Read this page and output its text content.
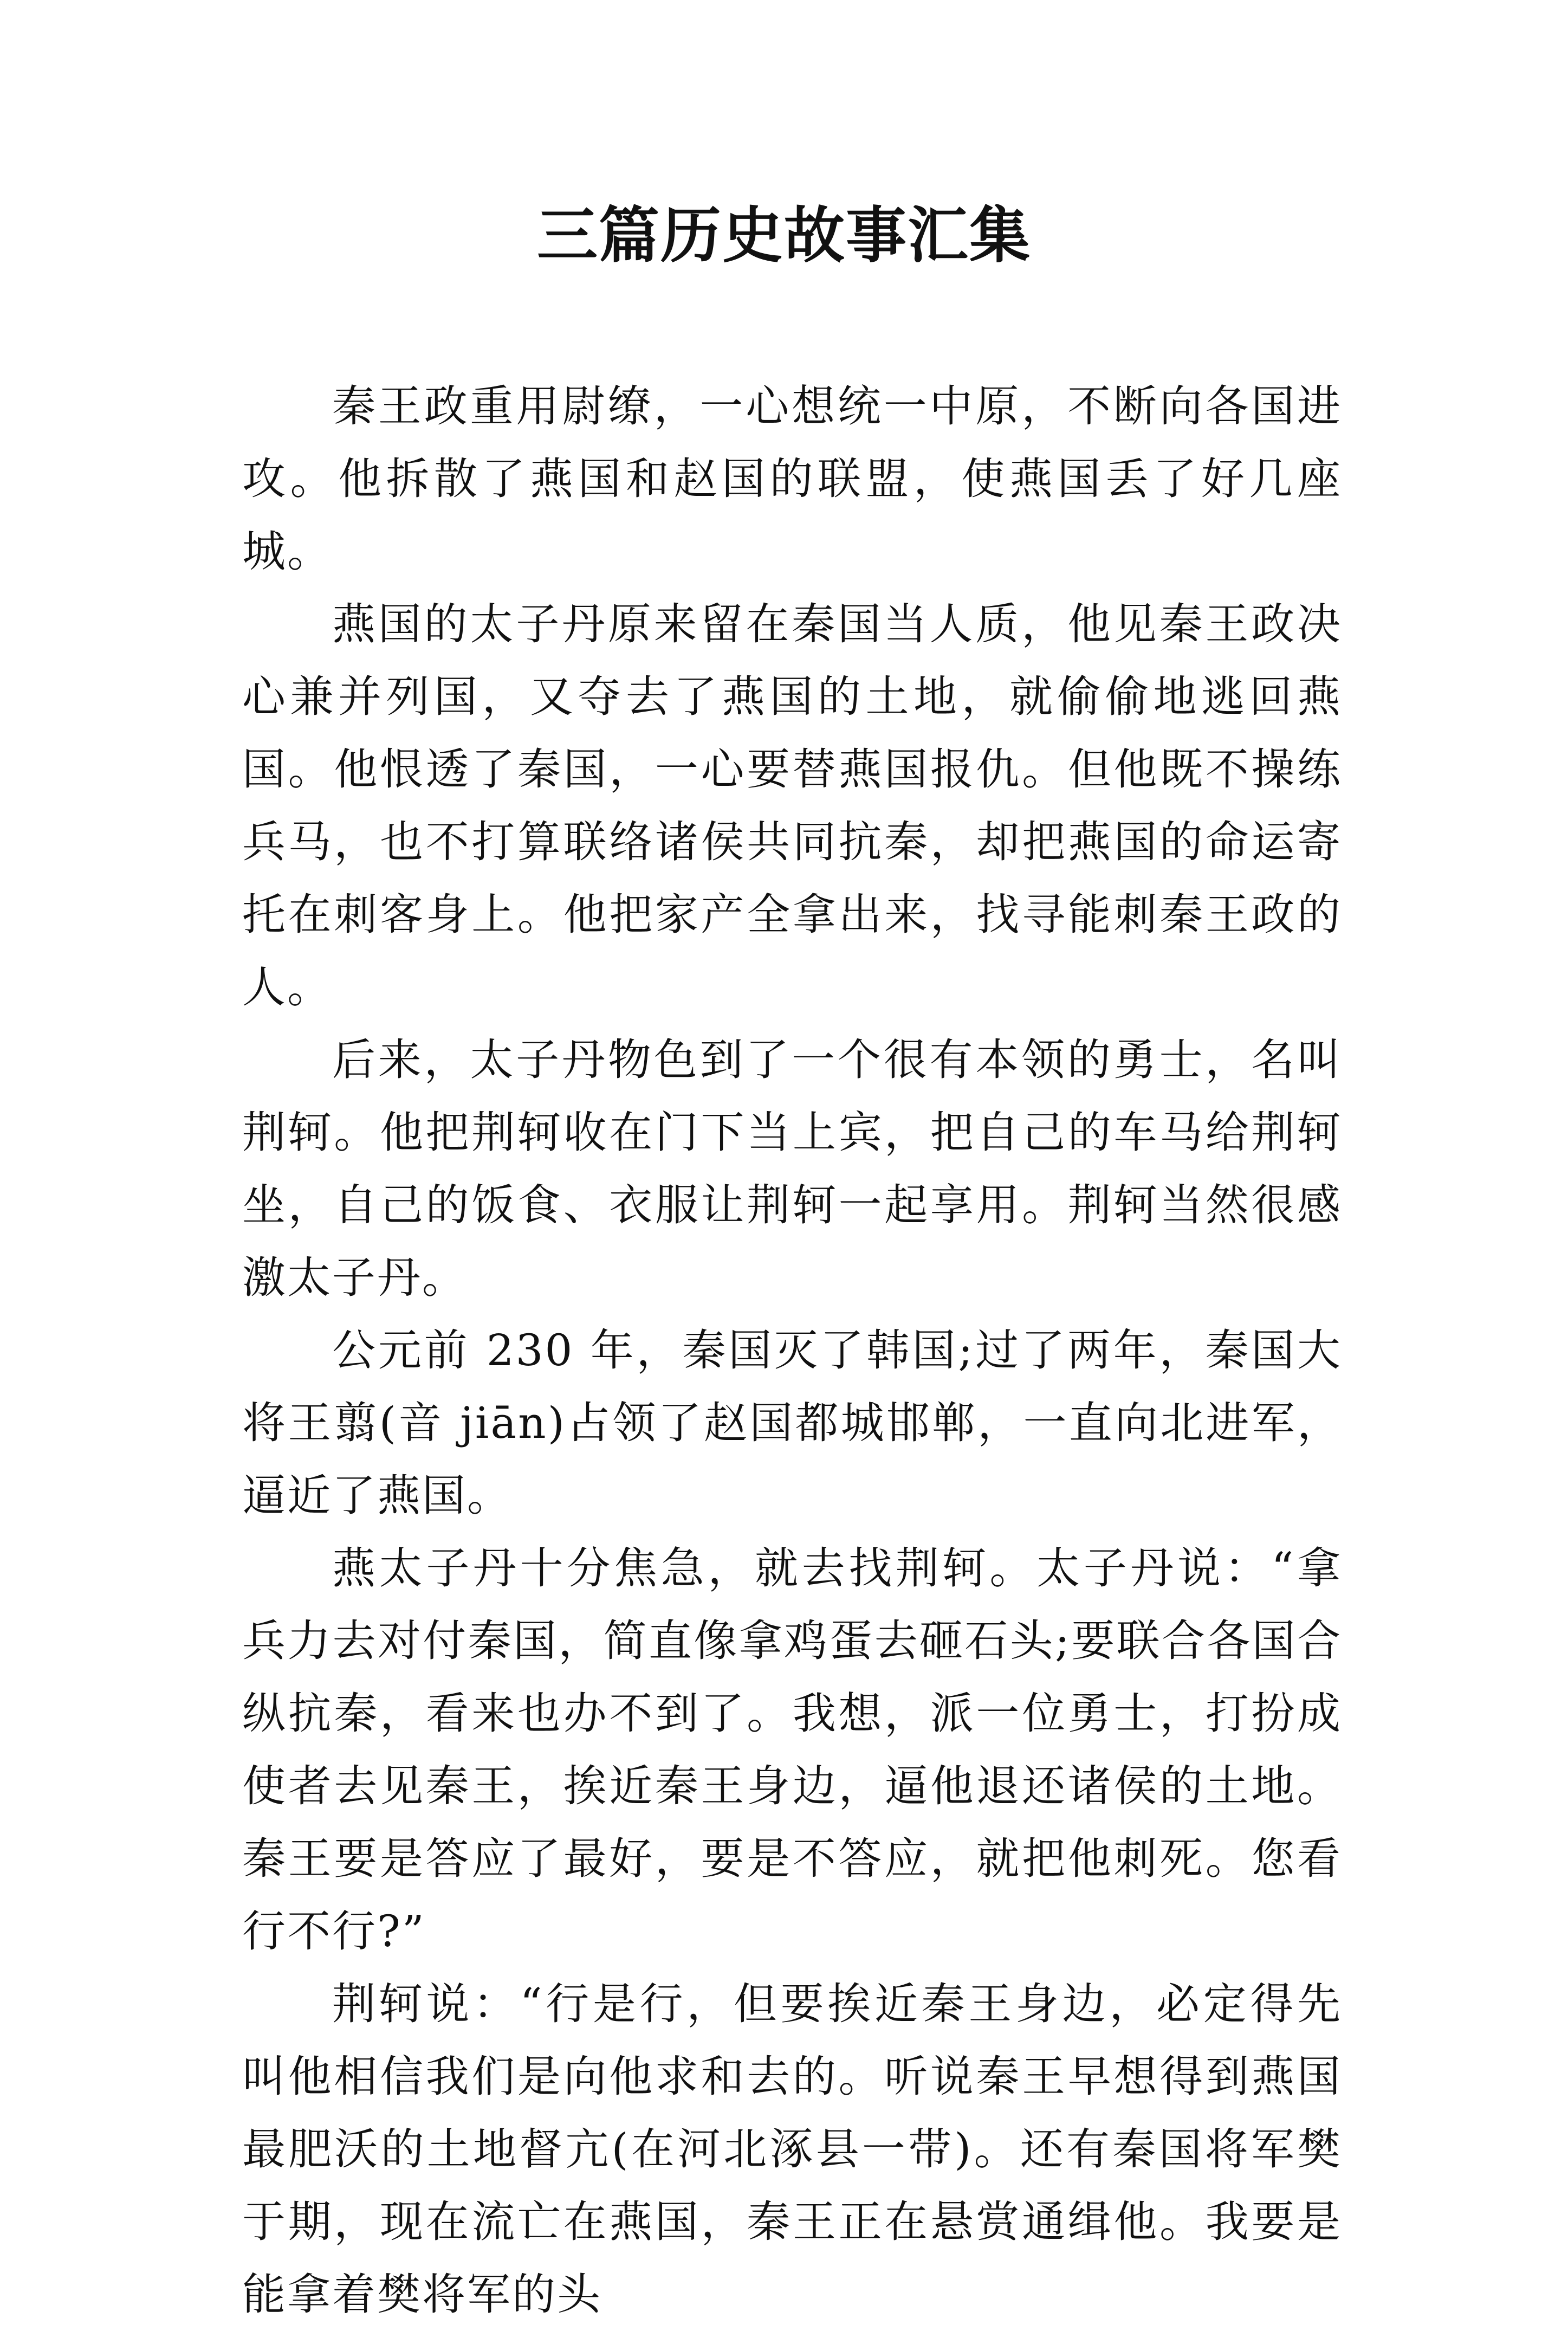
三篇历史故事汇集

秦王政重用尉缭，一心想统一中原，不断向各国进攻。他拆散了燕国和赵国的联盟，使燕国丢了好几座城。

燕国的太子丹原来留在秦国当人质，他见秦王政决心兼并列国，又夺去了燕国的土地，就偷偷地逃回燕国。他恨透了秦国，一心要替燕国报仇。但他既不操练兵马，也不打算联络诸侯共同抗秦，却把燕国的命运寄托在刺客身上。他把家产全拿出来，找寻能刺秦王政的人。

后来，太子丹物色到了一个很有本领的勇士，名叫荆轲。他把荆轲收在门下当上宾，把自己的车马给荆轲坐，自己的饭食、衣服让荆轲一起享用。荆轲当然很感激太子丹。

公元前 230 年，秦国灭了韩国;过了两年，秦国大将王翦(音 jiān)占领了赵国都城邯郸，一直向北进军，逼近了燕国。

燕太子丹十分焦急，就去找荆轲。太子丹说：“拿兵力去对付秦国，简直像拿鸡蛋去砸石头;要联合各国合纵抗秦，看来也办不到了。我想，派一位勇士，打扮成使者去见秦王，挨近秦王身边，逼他退还诸侯的土地。秦王要是答应了最好，要是不答应，就把他刺死。您看行不行?”

荆轲说：“行是行，但要挨近秦王身边，必定得先叫他相信我们是向他求和去的。听说秦王早想得到燕国最肥沃的土地督亢(在河北涿县一带)。还有秦国将军樊于期，现在流亡在燕国，秦王正在悬赏通缉他。我要是能拿着樊将军的头
